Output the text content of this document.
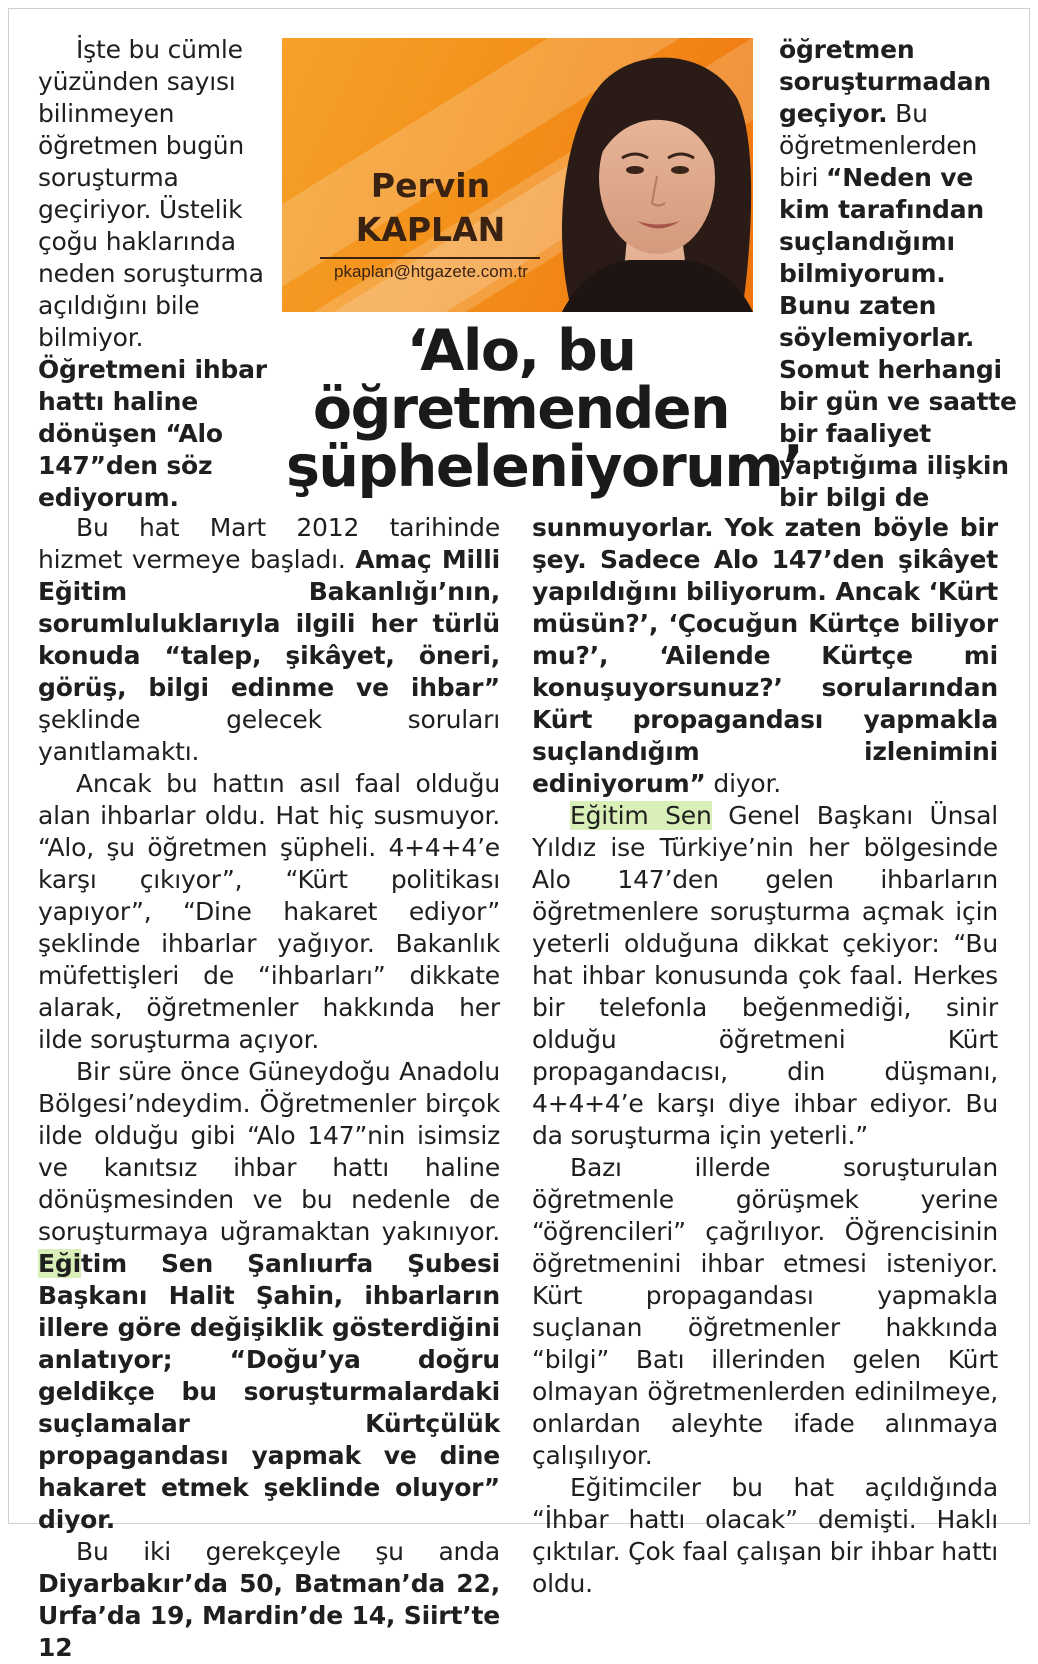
İşte bu cümle
yüzünden sayısı
bilinmeyen
öğretmen bugün
soruşturma
geçiriyor. Üstelik
çoğu haklarında
neden soruşturma
açıldığını bile
bilmiyor.
Öğretmeni ihbar
hattı haline
dönüşen “Alo
147”den söz
ediyorum.
Pervin
KAPLAN
pkaplan@htgazete.com.tr
‘Alo, bu
öğretmenden
şüpheleniyorum’
öğretmen
soruşturmadan
geçiyor. Bu
öğretmenlerden
biri “Neden ve
kim tarafından
suçlandığımı
bilmiyorum.
Bunu zaten
söylemiyorlar.
Somut herhangi
bir gün ve saatte
bir faaliyet
yaptığıma ilişkin
bir bilgi de

Bu hat Mart 2012 tarihinde hizmet vermeye başladı. Amaç Milli Eğitim Bakanlığı’nın, sorumluluklarıyla ilgili her türlü konuda “talep, şikâyet, öneri, görüş, bilgi edinme ve ihbar” şeklinde gelecek soruları yanıtlamaktı.

Ancak bu hattın asıl faal olduğu alan ihbarlar oldu. Hat hiç susmuyor. “Alo, şu öğretmen şüpheli. 4+4+4’e karşı çıkıyor”, “Kürt politikası yapıyor”, “Dine hakaret ediyor” şeklinde ihbarlar yağıyor. Bakanlık müfettişleri de “ihbarları” dikkate alarak, öğretmenler hakkında her ilde soruşturma açıyor.

Bir süre önce Güneydoğu Anadolu Bölgesi’ndeydim. Öğretmenler birçok ilde olduğu gibi “Alo 147”nin isimsiz ve kanıtsız ihbar hattı haline dönüşmesinden ve bu nedenle de soruşturmaya uğramaktan yakınıyor. Eğitim Sen Şanlıurfa Şubesi Başkanı Halit Şahin, ihbarların illere göre değişiklik gösterdiğini anlatıyor; “Doğu’ya doğru geldikçe bu soruşturmalardaki suçlamalar Kürtçülük propagandası yapmak ve dine hakaret etmek şeklinde oluyor” diyor.

Bu iki gerekçeyle şu anda Diyarbakır’da 50, Batman’da 22, Urfa’da 19, Mardin’de 14, Siirt’te 12

sunmuyorlar. Yok zaten böyle bir şey. Sadece Alo 147’den şikâyet yapıldığını biliyorum. Ancak ‘Kürt müsün?’, ‘Çocuğun Kürtçe biliyor mu?’, ‘Ailende Kürtçe mi konuşuyorsunuz?’ sorularından Kürt propagandası yapmakla suçlandığım izlenimini ediniyorum” diyor.

Eğitim Sen Genel Başkanı Ünsal Yıldız ise Türkiye’nin her bölgesinde Alo 147’den gelen ihbarların öğretmenlere soruşturma açmak için yeterli olduğuna dikkat çekiyor: “Bu hat ihbar konusunda çok faal. Herkes bir telefonla beğenmediği, sinir olduğu öğretmeni Kürt propagandacısı, din düşmanı, 4+4+4’e karşı diye ihbar ediyor. Bu da soruşturma için yeterli.”

Bazı illerde soruşturulan öğretmenle görüşmek yerine “öğrencileri” çağrılıyor. Öğrencisinin öğretmenini ihbar etmesi isteniyor. Kürt propagandası yapmakla suçlanan öğretmenler hakkında “bilgi” Batı illerinden gelen Kürt olmayan öğretmenlerden edinilmeye, onlardan aleyhte ifade alınmaya çalışılıyor.

Eğitimciler bu hat açıldığında “İhbar hattı olacak” demişti. Haklı çıktılar. Çok faal çalışan bir ihbar hattı oldu.
